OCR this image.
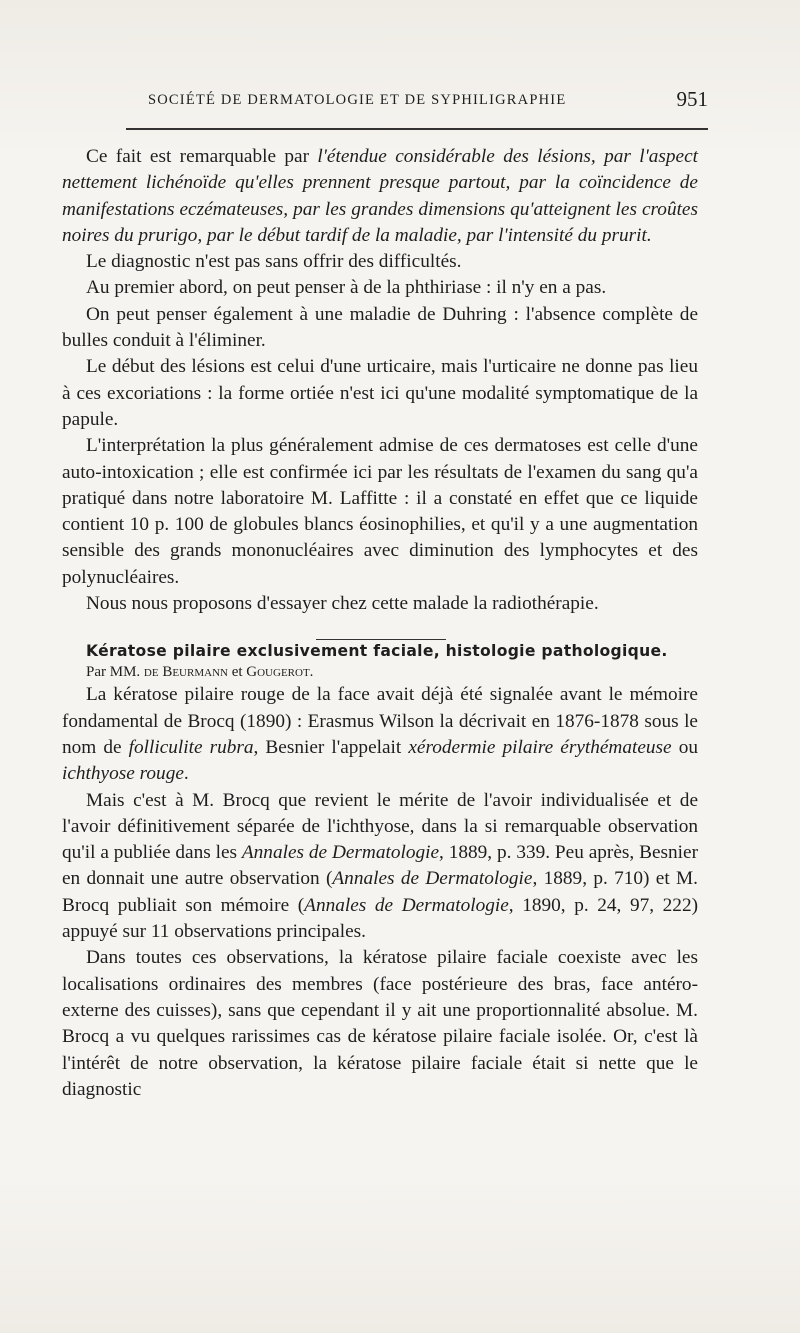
SOCIÉTÉ DE DERMATOLOGIE ET DE SYPHILIGRAPHIE	951

Ce fait est remarquable par l'étendue considérable des lésions, par l'aspect nettement lichénoïde qu'elles prennent presque partout, par la coïncidence de manifestations eczémateuses, par les grandes dimensions qu'atteignent les croûtes noires du prurigo, par le début tardif de la maladie, par l'intensité du prurit.

Le diagnostic n'est pas sans offrir des difficultés.

Au premier abord, on peut penser à de la phthiriase : il n'y en a pas.

On peut penser également à une maladie de Duhring : l'absence complète de bulles conduit à l'éliminer.

Le début des lésions est celui d'une urticaire, mais l'urticaire ne donne pas lieu à ces excoriations : la forme ortiée n'est ici qu'une modalité symptomatique de la papule.

L'interprétation la plus généralement admise de ces dermatoses est celle d'une auto-intoxication ; elle est confirmée ici par les résultats de l'examen du sang qu'a pratiqué dans notre laboratoire M. Laffitte : il a constaté en effet que ce liquide contient 10 p. 100 de globules blancs éosinophilies, et qu'il y a une augmentation sensible des grands mononucléaires avec diminution des lymphocytes et des polynucléaires.

Nous nous proposons d'essayer chez cette malade la radiothérapie.

Kératose pilaire exclusivement faciale, histologie pathologique.

Par MM. de Beurmann et Gougerot.

La kératose pilaire rouge de la face avait déjà été signalée avant le mémoire fondamental de Brocq (1890) : Erasmus Wilson la décrivait en 1876-1878 sous le nom de folliculite rubra, Besnier l'appelait xérodermie pilaire érythémateuse ou ichthyose rouge.

Mais c'est à M. Brocq que revient le mérite de l'avoir individualisée et de l'avoir définitivement séparée de l'ichthyose, dans la si remarquable observation qu'il a publiée dans les Annales de Dermatologie, 1889, p. 339. Peu après, Besnier en donnait une autre observation (Annales de Dermatologie, 1889, p. 710) et M. Brocq publiait son mémoire (Annales de Dermatologie, 1890, p. 24, 97, 222) appuyé sur 11 observations principales.

Dans toutes ces observations, la kératose pilaire faciale coexiste avec les localisations ordinaires des membres (face postérieure des bras, face antéro-externe des cuisses), sans que cependant il y ait une proportionnalité absolue. M. Brocq a vu quelques rarissimes cas de kératose pilaire faciale isolée. Or, c'est là l'intérêt de notre observation, la kératose pilaire faciale était si nette que le diagnostic
